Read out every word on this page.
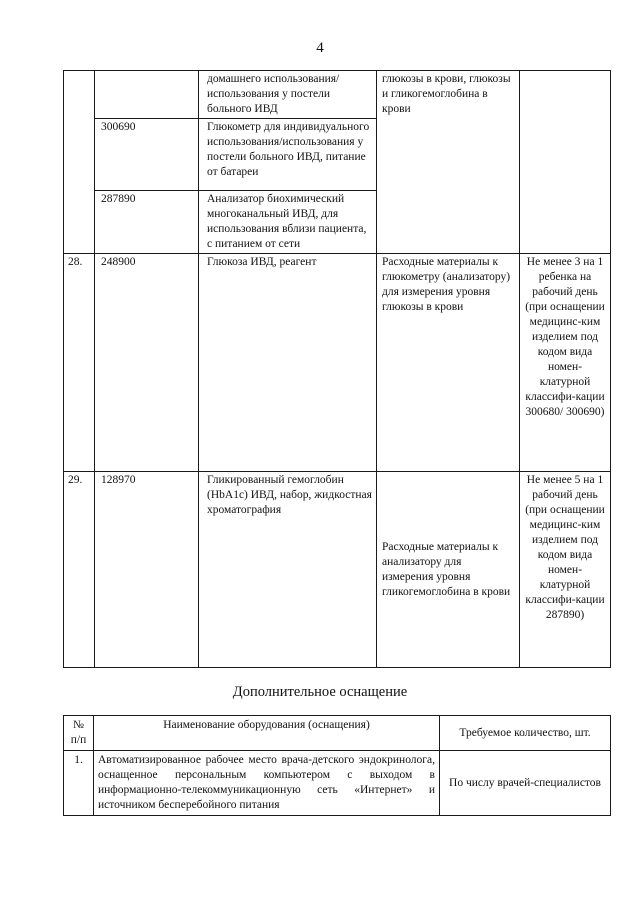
4
		домашнего использования/использования у постели больного ИВД	глюкозы в крови, глюкозы и гликогемоглобина в крови	
	300690	Глюкометр для индивидуального использования/использования у постели больного ИВД, питание от батареи		
	287890	Анализатор биохимический многоканальный ИВД, для использования вблизи пациента, с питанием от сети		
28.	248900	Глюкоза ИВД, реагент	Расходные материалы к глюкометру (анализатору) для измерения уровня глюкозы в крови	Не менее 3 на 1 ребенка на рабочий день (при оснащении медицинс-ким изделием под кодом вида номен-клатурной классифи-кации 300680/ 300690)
29.	128970	Гликированный гемоглобин (HbA1c) ИВД, набор, жидкостная хроматография	Расходные материалы к анализатору для измерения уровня гликогемоглобина в крови	Не менее 5 на 1 рабочий день (при оснащении медицинс-ким изделием под кодом вида номен-клатурной классифи-кации 287890)
Дополнительное оснащение
№ п/п	Наименование оборудования (оснащения)	Требуемое количество, шт.
1.	Автоматизированное рабочее место врача-детского эндокринолога, оснащенное персональным компьютером с выходом в информационно-телекоммуникационную сеть «Интернет» и источником бесперебойного питания	По числу врачей-специалистов
